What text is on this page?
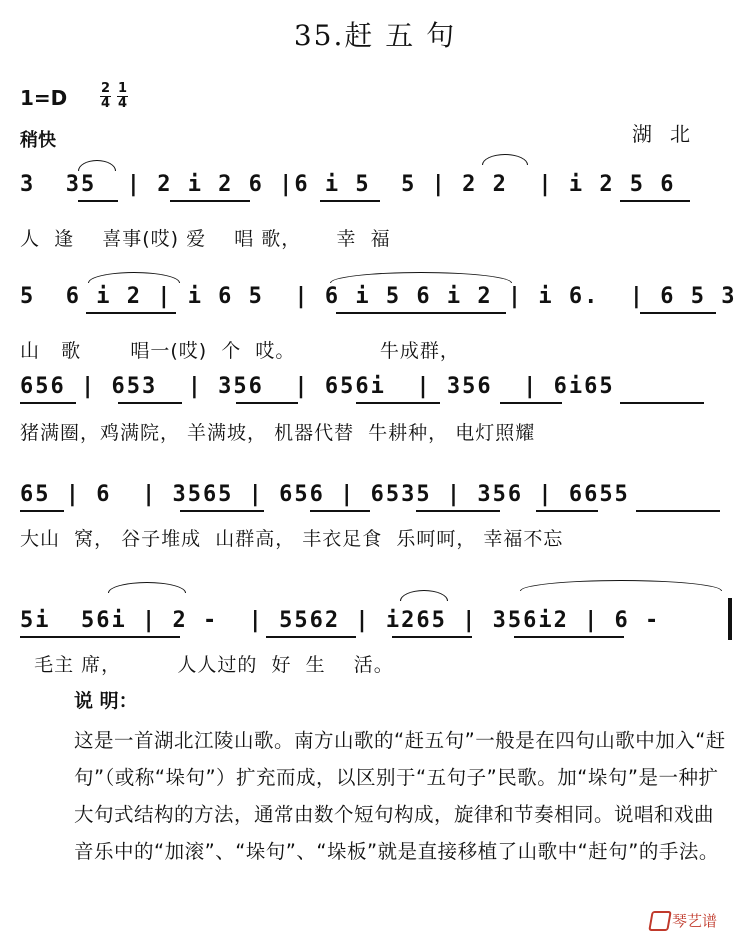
35.赶 五 句
1=D	$\frac{2}{4} \frac{1}{4}$
稍快	湖北
3  35  | 2 i 2 6 |6 i 5  5 | 2 2  | i 2 5 6
人  逢    喜事(哎) 爱    唱 歌，     幸  福
5  6 i 2 | i 6 5  | 6 i 5 6 i 2 | i 6.  | 6 5 3
山   歌       唱一(哎)  个  哎。            牛成群，
656 | 653  | 356  | 656i  | 356  | 6i65
猪满圈，鸡满院， 羊满坡， 机器代替  牛耕种， 电灯照耀
65 | 6  | 3565 | 656 | 6535 | 356 | 6655
大山  窝， 谷子堆成  山群高， 丰衣足食  乐呵呵， 幸福不忘
5i  56i | 2 -  | 5562 | i265 | 356i2 | 6 -
毛主 席，        人人过的  好  生    活。
说 明：

这是一首湖北江陵山歌。南方山歌的“赶五句”一般是在四句山歌中加入“赶句”（或称“垛句”）扩充而成，以区别于“五句子”民歌。加“垛句”是一种扩大句式结构的方法，通常由数个短句构成，旋律和节奏相同。说唱和戏曲音乐中的“加滚”、“垛句”、“垛板”就是直接移植了山歌中“赶句”的手法。

琴艺谱
